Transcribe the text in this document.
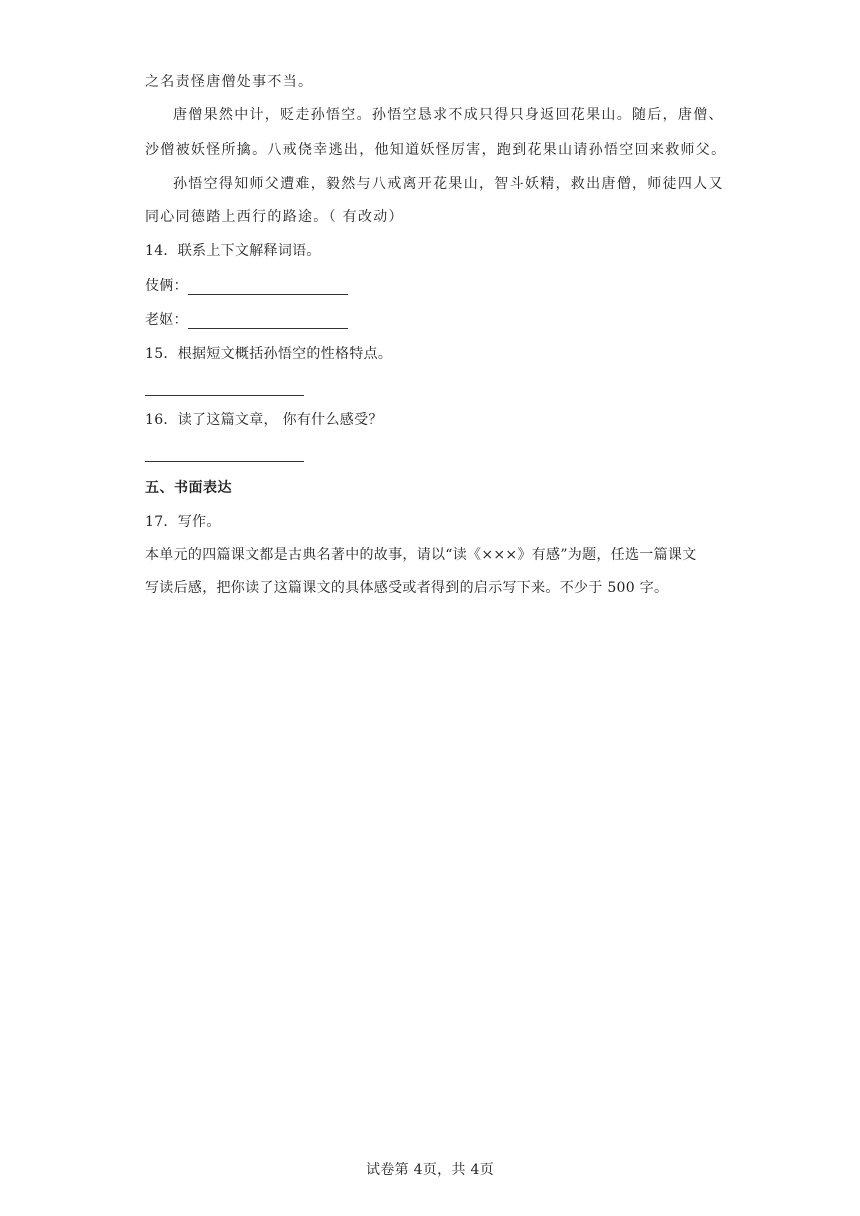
之名责怪唐僧处事不当。
唐僧果然中计，贬走孙悟空。孙悟空恳求不成只得只身返回花果山。随后，唐僧、
沙僧被妖怪所擒。八戒侥幸逃出，他知道妖怪厉害，跑到花果山请孙悟空回来救师父。
孙悟空得知师父遭难，毅然与八戒离开花果山，智斗妖精，救出唐僧，师徒四人又
同心同德踏上西行的路途。（ 有改动）
14．联系上下文解释词语。
伎俩：
老妪：
15．根据短文概括孙悟空的性格特点。
16．读了这篇文章， 你有什么感受？
五、书面表达
17．写作。
本单元的四篇课文都是古典名著中的故事，请以“读《×××》有感”为题，任选一篇课文
写读后感，把你读了这篇课文的具体感受或者得到的启示写下来。不少于 500 字。
试卷第 4页，共 4页
